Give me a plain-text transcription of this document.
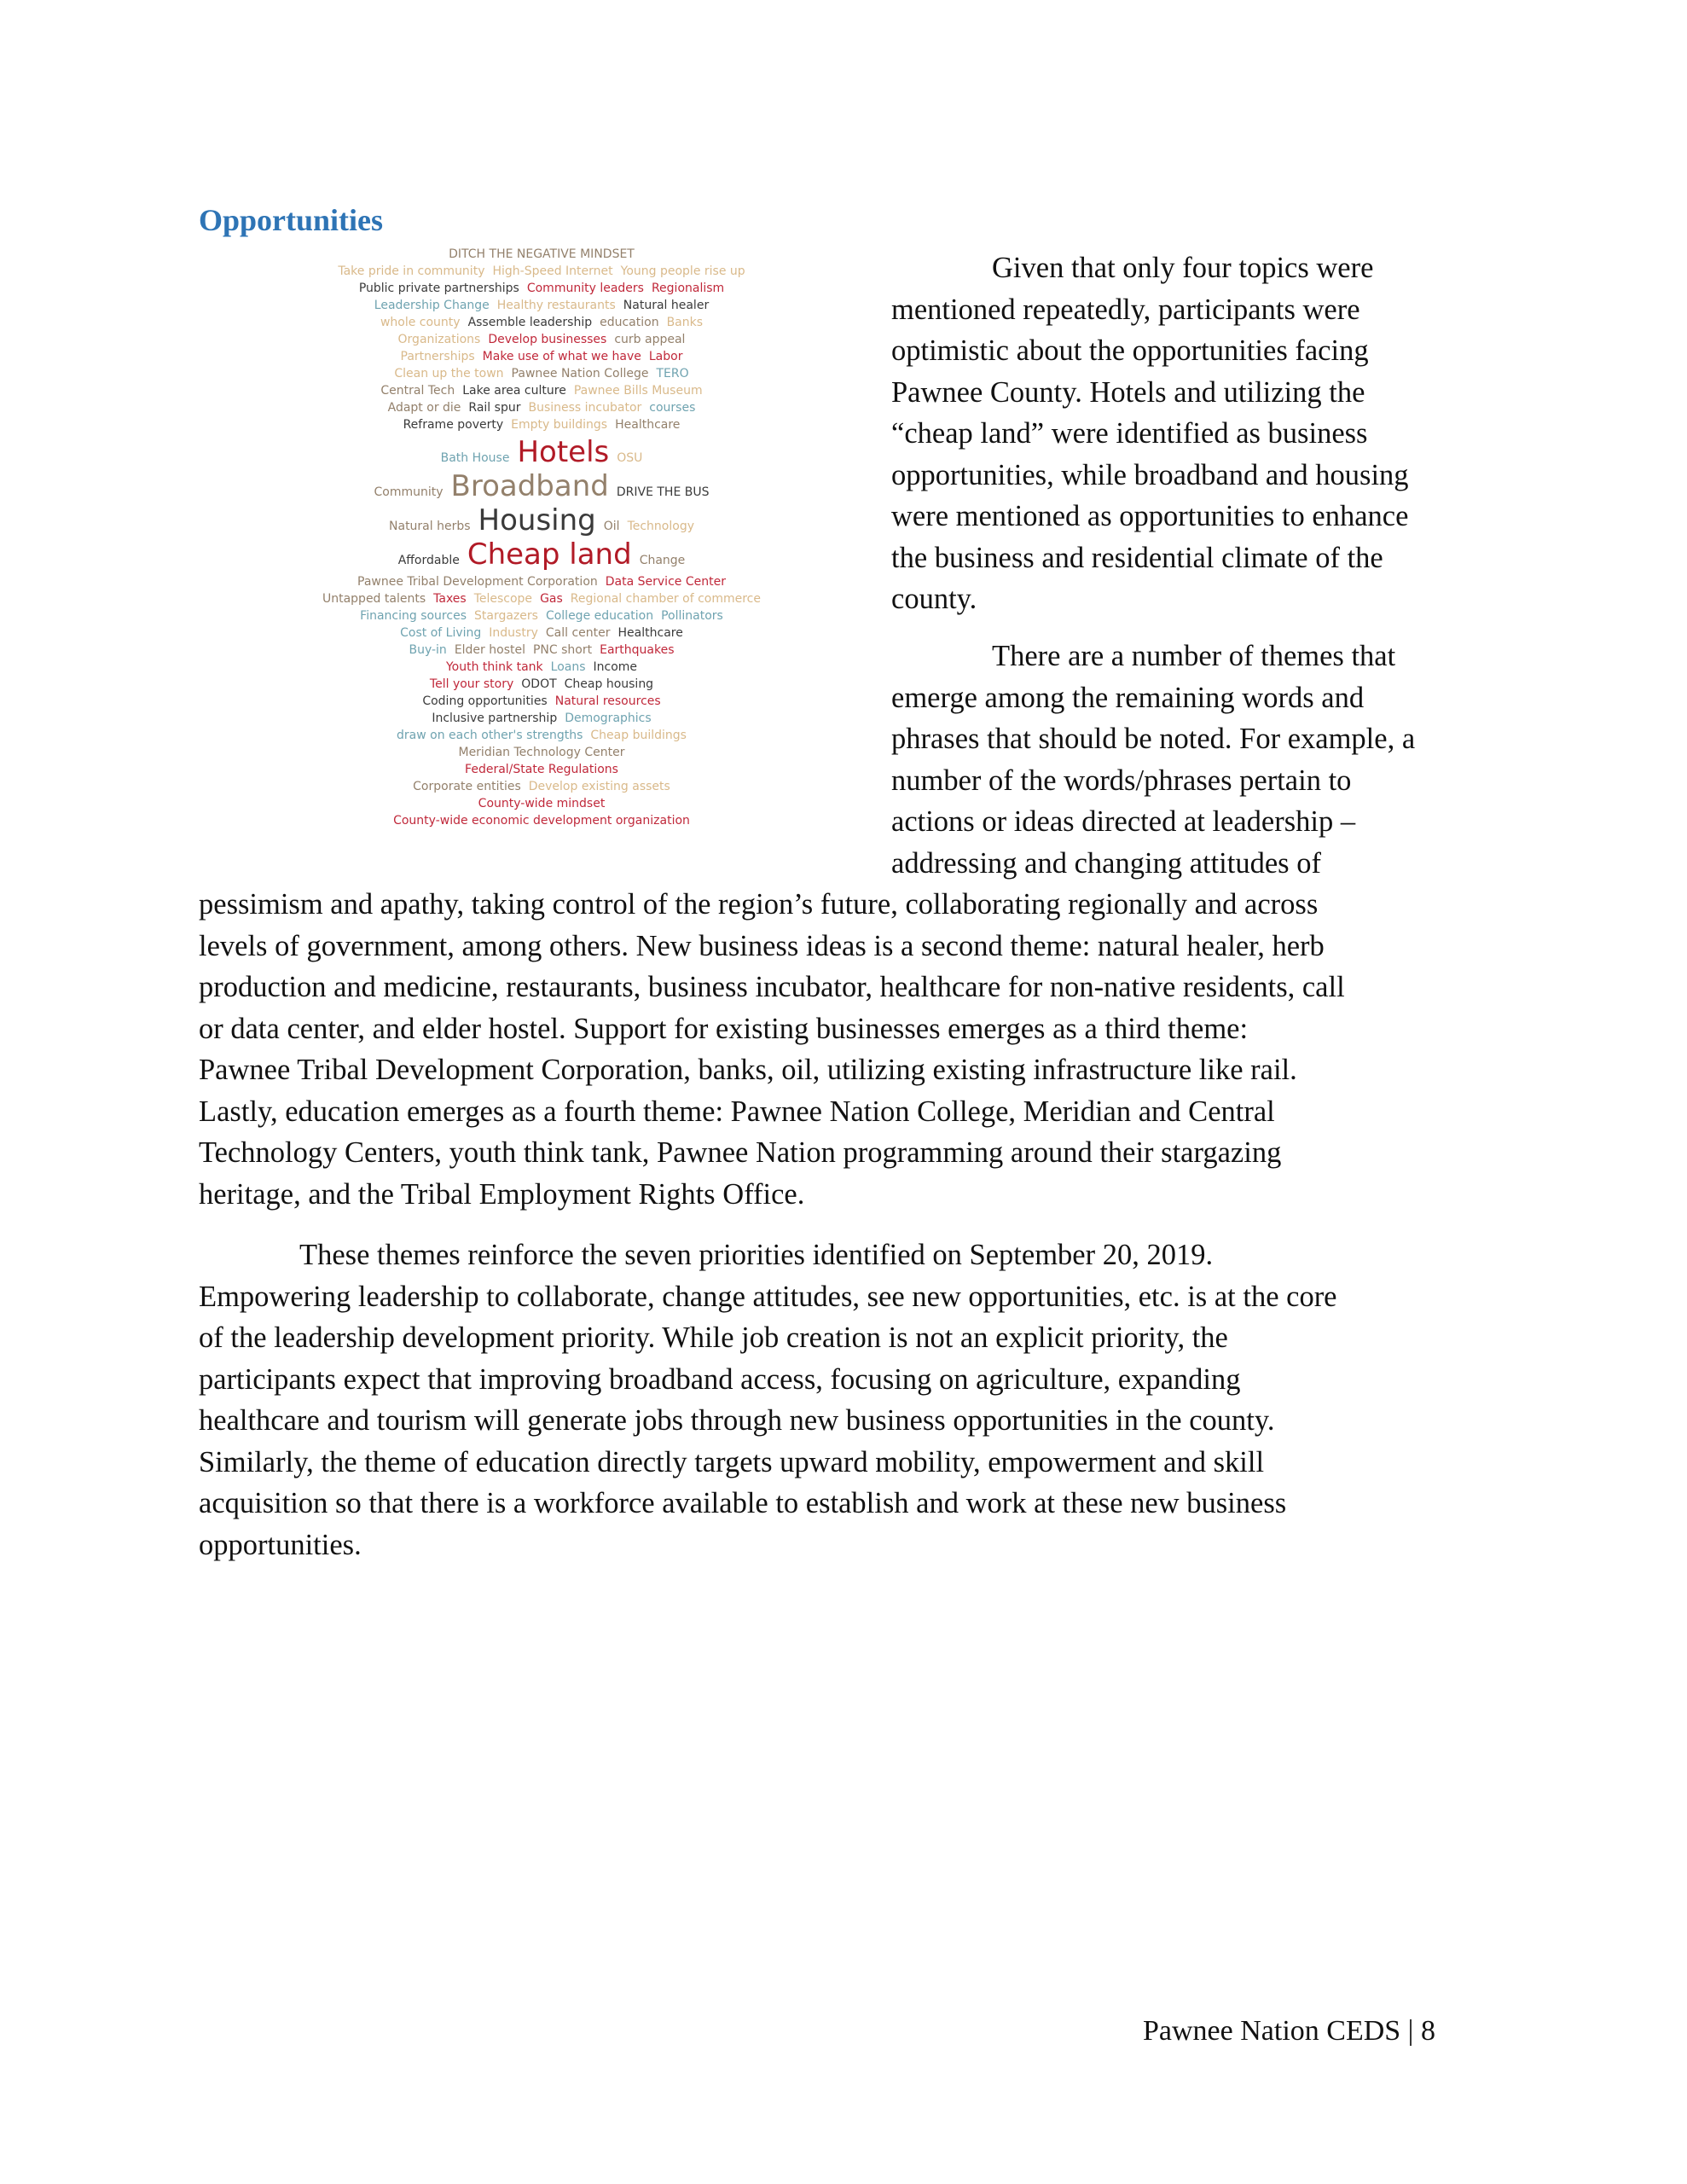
Opportunities
DITCH THE NEGATIVE MINDSET
Take pride in community High-Speed Internet Young people rise up
Public private partnerships Community leaders Regionalism
Leadership Change Healthy restaurants Natural healer
whole county Assemble leadership education Banks
Organizations Develop businesses curb appeal
Partnerships Make use of what we have Labor
Clean up the town Pawnee Nation College TERO
Central Tech Lake area culture Pawnee Bills Museum
Adapt or die Rail spur Business incubator courses
Reframe poverty Empty buildings Healthcare
Bath House Hotels OSU
Community Broadband DRIVE THE BUS
Natural herbs Housing Oil Technology
Affordable Cheap land Change
Pawnee Tribal Development Corporation Data Service Center
Untapped talents Taxes Telescope Gas Regional chamber of commerce
Financing sources Stargazers College education Pollinators
Cost of Living Industry Call center Healthcare
Buy-in Elder hostel PNC short Earthquakes
Youth think tank Loans Income
Tell your story ODOT Cheap housing
Coding opportunities Natural resources
Inclusive partnership Demographics
draw on each other's strengths Cheap buildings
Meridian Technology Center
Federal/State Regulations
Corporate entities Develop existing assets
County-wide mindset
County-wide economic development organization
Given that only four topics were
mentioned repeatedly, participants were
optimistic about the opportunities facing
Pawnee County. Hotels and utilizing the
“cheap land” were identified as business
opportunities, while broadband and housing
were mentioned as opportunities to enhance
the business and residential climate of the
county.
There are a number of themes that
emerge among the remaining words and
phrases that should be noted. For example, a
number of the words/phrases pertain to
actions or ideas directed at leadership –
addressing and changing attitudes of
pessimism and apathy, taking control of the region’s future, collaborating regionally and across
levels of government, among others. New business ideas is a second theme: natural healer, herb
production and medicine, restaurants, business incubator, healthcare for non-native residents, call
or data center, and elder hostel. Support for existing businesses emerges as a third theme:
Pawnee Tribal Development Corporation, banks, oil, utilizing existing infrastructure like rail.
Lastly, education emerges as a fourth theme: Pawnee Nation College, Meridian and Central
Technology Centers, youth think tank, Pawnee Nation programming around their stargazing
heritage, and the Tribal Employment Rights Office.
These themes reinforce the seven priorities identified on September 20, 2019.
Empowering leadership to collaborate, change attitudes, see new opportunities, etc. is at the core
of the leadership development priority. While job creation is not an explicit priority, the
participants expect that improving broadband access, focusing on agriculture, expanding
healthcare and tourism will generate jobs through new business opportunities in the county.
Similarly, the theme of education directly targets upward mobility, empowerment and skill
acquisition so that there is a workforce available to establish and work at these new business
opportunities.
Pawnee Nation CEDS | 8
